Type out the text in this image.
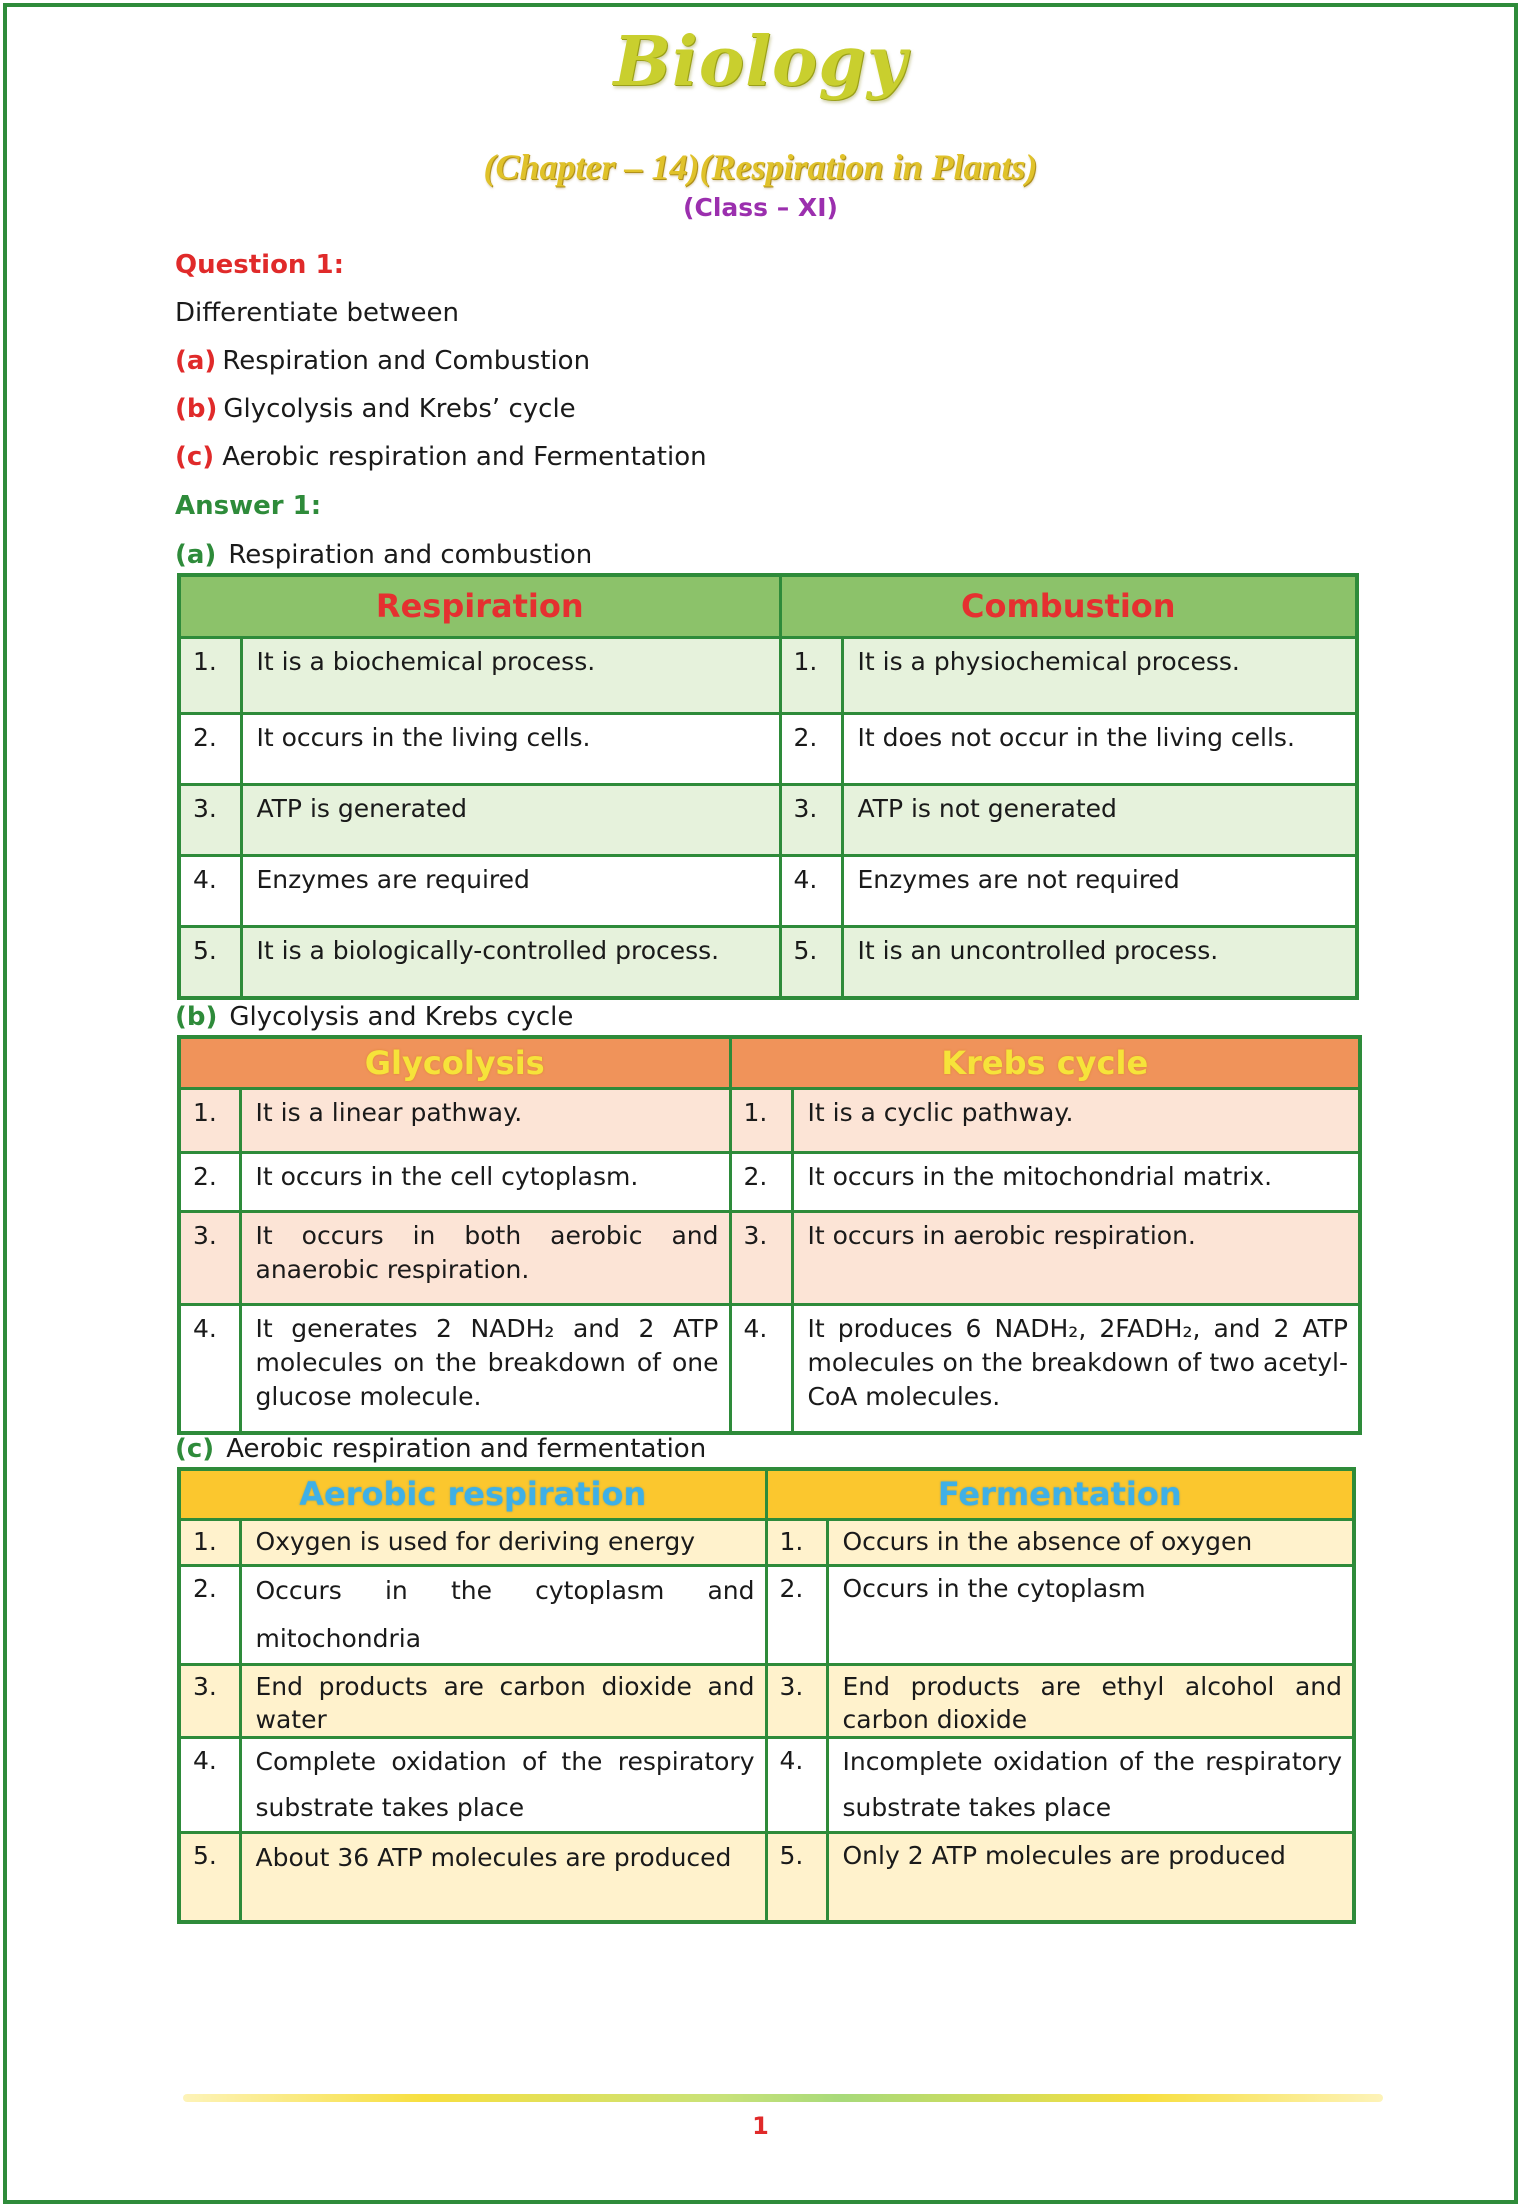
Biology
(Chapter – 14)(Respiration in Plants)
(Class – XI)
Question 1:
Differentiate between
(a) Respiration and Combustion
(b) Glycolysis and Krebs’ cycle
(c) Aerobic respiration and Fermentation
Answer 1:
(a) Respiration and combustion
Respiration		Combustion	
1.	It is a biochemical process.	1.	It is a physiochemical process.
2.	It occurs in the living cells.	2.	It does not occur in the living cells.
3.	ATP is generated	3.	ATP is not generated
4.	Enzymes are required	4.	Enzymes are not required
5.	It is a biologically-controlled process.	5.	It is an uncontrolled process.
(b) Glycolysis and Krebs cycle
Glycolysis		Krebs cycle	
1.	It is a linear pathway.	1.	It is a cyclic pathway.
2.	It occurs in the cell cytoplasm.	2.	It occurs in the mitochondrial matrix.
3.	It occurs in both aerobic and anaerobic respiration.	3.	It occurs in aerobic respiration.
4.	It generates 2 NADH₂ and 2 ATP molecules on the breakdown of one glucose molecule.	4.	It produces 6 NADH₂, 2FADH₂, and 2 ATP molecules on the breakdown of two acetyl-CoA molecules.
(c) Aerobic respiration and fermentation
Aerobic respiration		Fermentation	
1.	Oxygen is used for deriving energy	1.	Occurs in the absence of oxygen
2.	Occurs in the cytoplasm and mitochondria	2.	Occurs in the cytoplasm
3.	End products are carbon dioxide and water	3.	End products are ethyl alcohol and carbon dioxide
4.	Complete oxidation of the respiratory substrate takes place	4.	Incomplete oxidation of the respiratory substrate takes place
5.	About 36 ATP molecules are produced	5.	Only 2 ATP molecules are produced
1
